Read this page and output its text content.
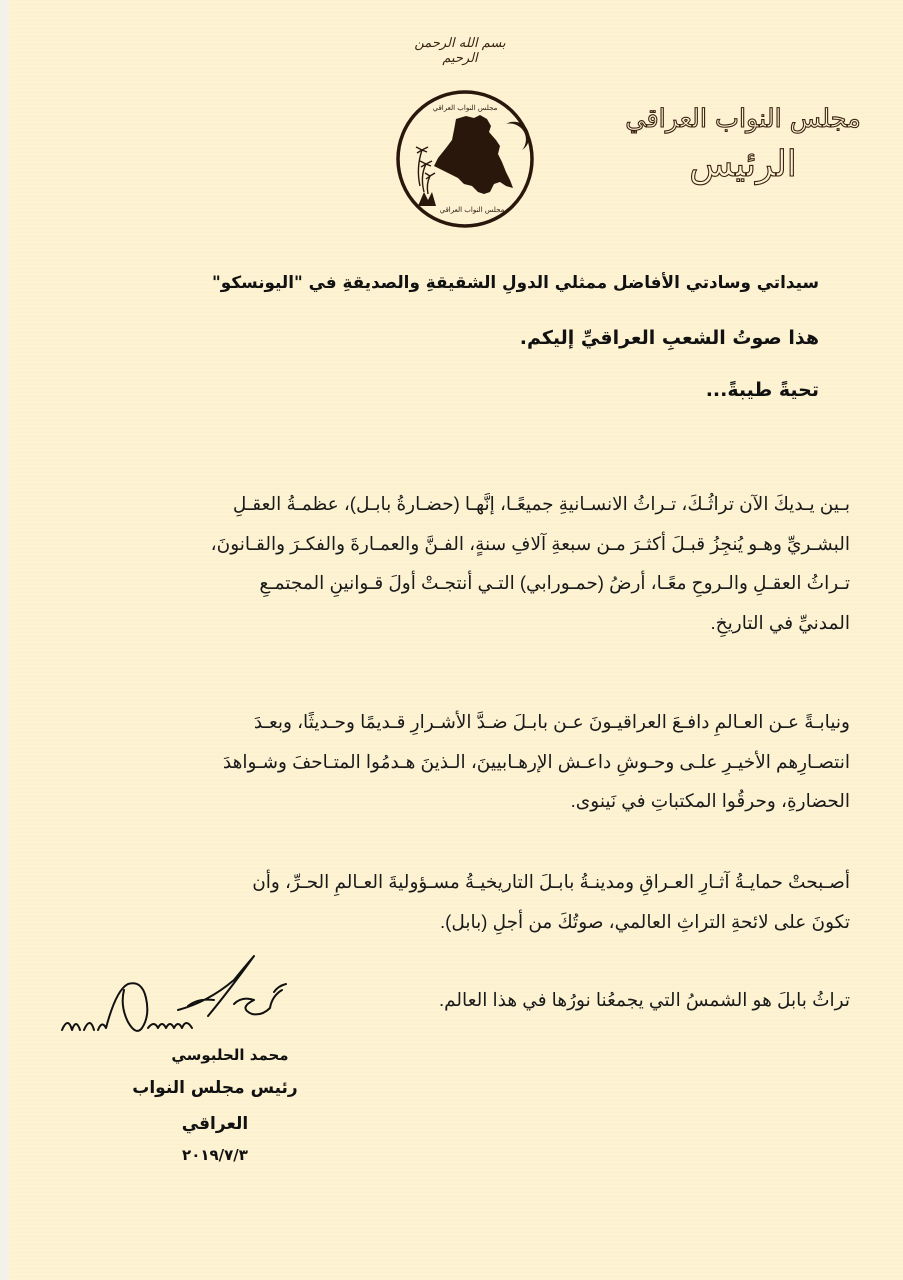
بسم الله الرحمن الرحيم
مجلس النواب العراقي
مجلس النواب العراقي
مجلس النواب العراقي
الرئيس
سيداتي وسادتي الأفاضل ممثلي الدولِ الشقيقةِ والصديقةِ في "اليونسكو"
هذا صوتُ الشعبِ العراقيِّ إليكم.
تحيةً طيبةً...
بـين يـديكَ الآن تراثُـكَ، تـراثُ الانسـانيةِ جميعًـا، إنَّهـا (حضـارةُ بابـل)، عظمـةُ العقـلِ
البشـريِّ وهـو يُنجِزُ قبـلَ أكثـرَ مـن سبعةِ آلافِ سنةٍ، الفـنَّ والعمـارةَ والفكـرَ والقـانونَ،
تـراثُ العقـلِ والـروحِ معًـا، أرضُ (حمـورابي) التـي أنتجـتْ أولَ قـوانينِ المجتمـعِ
المدنيِّ في التاريخِ.
ونيابـةً عـن العـالمِ دافـعَ العراقيـونَ عـن بابـلَ ضـدَّ الأشـرارِ قـديمًا وحـديثًا، وبعـدَ
انتصـارِهم الأخيـرِ علـى وحـوشِ داعـش الإرهـابيينَ، الـذينَ هـدمُوا المتـاحفَ وشـواهدَ
الحضارةِ، وحرقُوا المكتباتِ في نَينوى.
أصـبحتْ حمايـةُ آثـارِ العـراقِ ومدينـةُ بابـلَ التاريخيـةُ مسـؤوليةَ العـالمِ الحـرِّ، وأن
تكونَ على لائحةِ التراثِ العالمي، صوتُكَ من أجلِ (بابل).
تراثُ بابلَ هو الشمسُ التي يجمعُنا نورُها في هذا العالم.
محمد الحلبوسي
رئيس مجلس النواب العراقي
٢٠١٩/٧/٣
